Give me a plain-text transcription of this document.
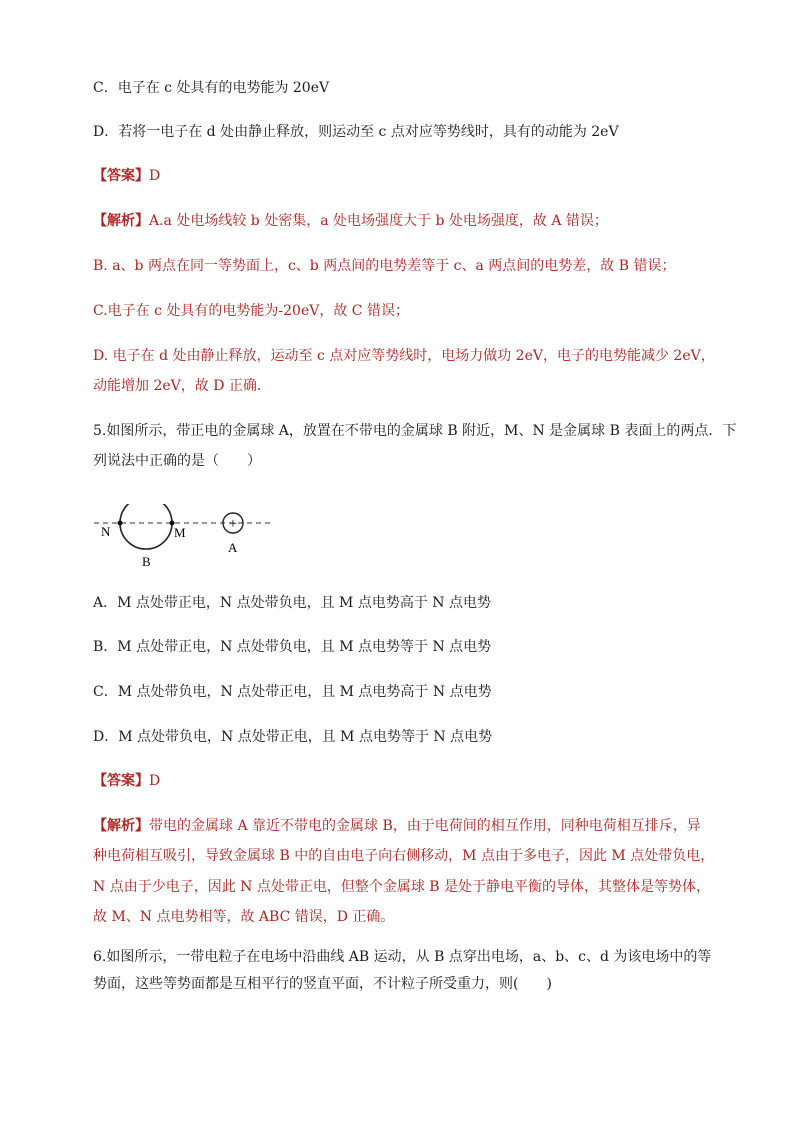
C．电子在 c 处具有的电势能为 20eV
D．若将一电子在 d 处由静止释放，则运动至 c 点对应等势线时，具有的动能为 2eV
【答案】D
【解析】A.a 处电场线较 b 处密集，a 处电场强度大于 b 处电场强度，故 A 错误；
B. a、b 两点在同一等势面上，c、b 两点间的电势差等于 c、a 两点间的电势差，故 B 错误；
C.电子在 c 处具有的电势能为-20eV，故 C 错误；
D. 电子在 d 处由静止释放，运动至 c 点对应等势线时，电场力做功 2eV，电子的电势能减少 2eV，
动能增加 2eV，故 D 正确．
5.如图所示，带正电的金属球 A，放置在不带电的金属球 B 附近，M、N 是金属球 B 表面上的两点．下
列说法中正确的是（　　）
+
N	M
B
A
A．M 点处带正电，N 点处带负电，且 M 点电势高于 N 点电势
B．M 点处带正电，N 点处带负电，且 M 点电势等于 N 点电势
C．M 点处带负电，N 点处带正电，且 M 点电势高于 N 点电势
D．M 点处带负电，N 点处带正电，且 M 点电势等于 N 点电势
【答案】D
【解析】带电的金属球 A 靠近不带电的金属球 B，由于电荷间的相互作用，同种电荷相互排斥，异
种电荷相互吸引，导致金属球 B 中的自由电子向右侧移动，M 点由于多电子，因此 M 点处带负电，
N 点由于少电子，因此 N 点处带正电，但整个金属球 B 是处于静电平衡的导体，其整体是等势体，
故 M、N 点电势相等，故 ABC 错误，D 正确。
6.如图所示，一带电粒子在电场中沿曲线 AB 运动，从 B 点穿出电场，a、b、c、d 为该电场中的等
势面，这些等势面都是互相平行的竖直平面，不计粒子所受重力，则(　　)
